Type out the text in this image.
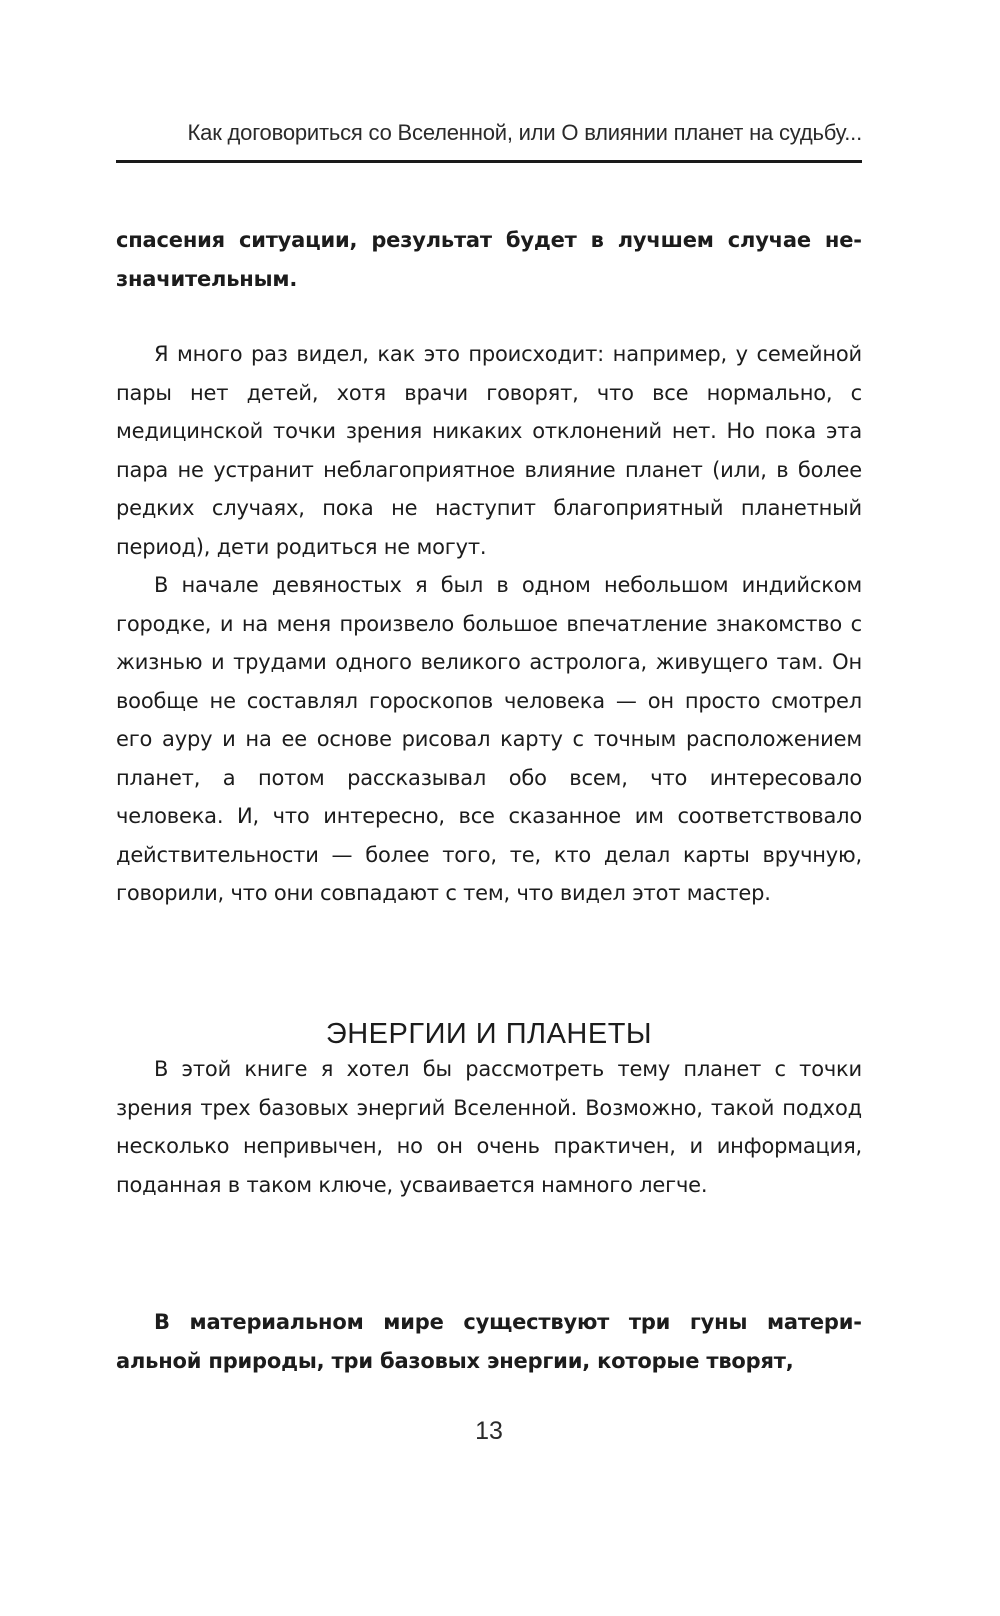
Как договориться со Вселенной, или О влиянии планет на судьбу...

спасения ситуации, результат будет в лучшем случае незначительным.

Я много раз видел, как это происходит: например, у семейной пары нет детей, хотя врачи говорят, что все нормально, с медицинской точки зрения никаких отклонений нет. Но пока эта пара не устранит неблагоприятное влияние планет (или, в более редких случаях, пока не наступит благоприятный планетный период), дети родиться не могут.

В начале девяностых я был в одном небольшом индийском городке, и на меня произвело большое впечатление знакомство с жизнью и трудами одного великого астролога, живущего там. Он вообще не составлял гороскопов человека — он просто смотрел его ауру и на ее основе рисовал карту с точным расположением планет, а потом рассказывал обо всем, что интересовало человека. И, что интересно, все сказанное им соответствовало действительности — более того, те, кто делал карты вручную, говорили, что они совпадают с тем, что видел этот мастер.

ЭНЕРГИИ И ПЛАНЕТЫ

В этой книге я хотел бы рассмотреть тему планет с точки зрения трех базовых энергий Вселенной. Возможно, такой подход несколько непривычен, но он очень практичен, и информация, поданная в таком ключе, усваивается намного легче.

В материальном мире существуют три гуны материальной природы, три базовых энергии, которые творят,

13
